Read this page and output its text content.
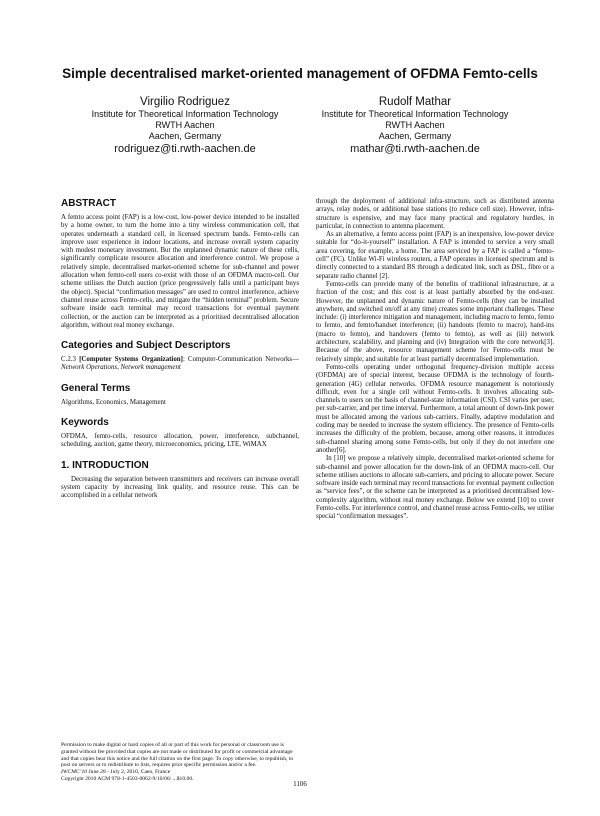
Simple decentralised market-oriented management of OFDMA Femto-cells
Virgilio Rodriguez
Institute for Theoretical Information Technology
RWTH Aachen
Aachen, Germany
rodriguez@ti.rwth-aachen.de
Rudolf Mathar
Institute for Theoretical Information Technology
RWTH Aachen
Aachen, Germany
mathar@ti.rwth-aachen.de
ABSTRACT

A femto access point (FAP) is a low-cost, low-power device intended to be installed by a home owner, to turn the home into a tiny wireless communication cell, that operates underneath a standard cell, in licensed spectrum bands. Femto-cells can improve user experience in indoor locations, and increase overall system capacity with modest monetary investment. But the unplanned dynamic nature of these cells, significantly complicate resource allocation and interference control. We propose a relatively simple, decentralised market-oriented scheme for sub-channel and power allocation when femto-cell users co-exist with those of an OFDMA macro-cell. Our scheme utilises the Dutch auction (price progressively falls until a participant buys the object). Special “confirmation messages” are used to control interference, achieve channel reuse across Femto-cells, and mitigate the “hidden terminal” problem. Secure software inside each terminal may record transactions for eventual payment collection, or the auction can be interpreted as a prioritised decentralised allocation algorithm, without real money exchange.

Categories and Subject Descriptors

C.2.3 [Computer Systems Organization]: Computer-Communication Networks—Network Operations, Network management

General Terms

Algorithms, Economics, Management

Keywords

OFDMA, femto-cells, resource allocation, power, interference, subchannel, scheduling, auction, game theory, microeconomics, pricing, LTE, WiMAX

1. INTRODUCTION

Decreasing the separation between transmitters and receivers can increase overall system capacity by increasing link quality, and resource reuse. This can be accomplished in a cellular network

through the deployment of additional infra-structure, such as distributed antenna arrays, relay nodes, or additional base stations (to reduce cell size). However, infra-structure is expensive, and may face many practical and regulatory hurdles, in particular, in connection to antenna placement.

As an alternative, a femto access point (FAP) is an inexpensive, low-power device suitable for “do-it-yourself” installation. A FAP is intended to service a very small area covering, for example, a home. The area serviced by a FAP is called a “femto-cell” (FC). Unlike Wi-Fi wireless routers, a FAP operates in licensed spectrum and is directly connected to a standard BS through a dedicated link, such as DSL, fibre or a separate radio channel [2].

Femto-cells can provide many of the benefits of traditional infrastructure, at a fraction of the cost; and this cost is at least partially absorbed by the end-user. However, the unplanned and dynamic nature of Femto-cells (they can be installed anywhere, and switched on/off at any time) creates some important challenges. These include: (i) interference mitigation and management, including macro to femto, femto to femto, and femto/handset interference; (ii) handouts (femto to macro), hand-ins (macro to femto), and handovers (femto to femto), as well as (iii) network architecture, scalability, and planning and (iv) Integration with the core network[3]. Because of the above, resource management scheme for Femto-cells must be relatively simple, and suitable for at least partially decentralised implementation.

Femto-cells operating under orthogonal frequency-division multiple access (OFDMA) are of special interest, because OFDMA is the technology of fourth-generation (4G) cellular networks. OFDMA resource management is notoriously difficult, even for a single cell without Femto-cells. It involves allocating sub-channels to users on the basis of channel-state information (CSI). CSI varies per user, per sub-carrier, and per time interval. Furthermore, a total amount of down-link power must be allocated among the various sub-carriers. Finally, adaptive modulation and coding may be needed to increase the system efficiency. The presence of Femto-cells increases the difficulty of the problem, because, among other reasons, it introduces sub-channel sharing among some Femto-cells, but only if they do not interfere one another[6].

In [10] we propose a relatively simple, decentralised market-oriented scheme for sub-channel and power allocation for the down-link of an OFDMA macro-cell. Our scheme utilises auctions to allocate sub-carriers, and pricing to allocate power. Secure software inside each terminal may record transactions for eventual payment collection as “service fees”, or the scheme can be interpreted as a prioritised decentralised low-complexity algorithm, without real money exchange. Below we extend [10] to cover Femto-cells. For interference control, and channel reuse across Femto-cells, we utilise special “confirmation messages”.

Permission to make digital or hard copies of all or part of this work for personal or classroom use is granted without fee provided that copies are not made or distributed for profit or commercial advantage and that copies bear this notice and the full citation on the first page. To copy otherwise, to republish, to post on servers or to redistribute to lists, requires prior specific permission and/or a fee.

IWCMC’10 June 28 - July 2, 2010, Caen, France

Copyright 2010 ACM 978-1-4503-0062-9/10/06/ ...$10.00.

1106
